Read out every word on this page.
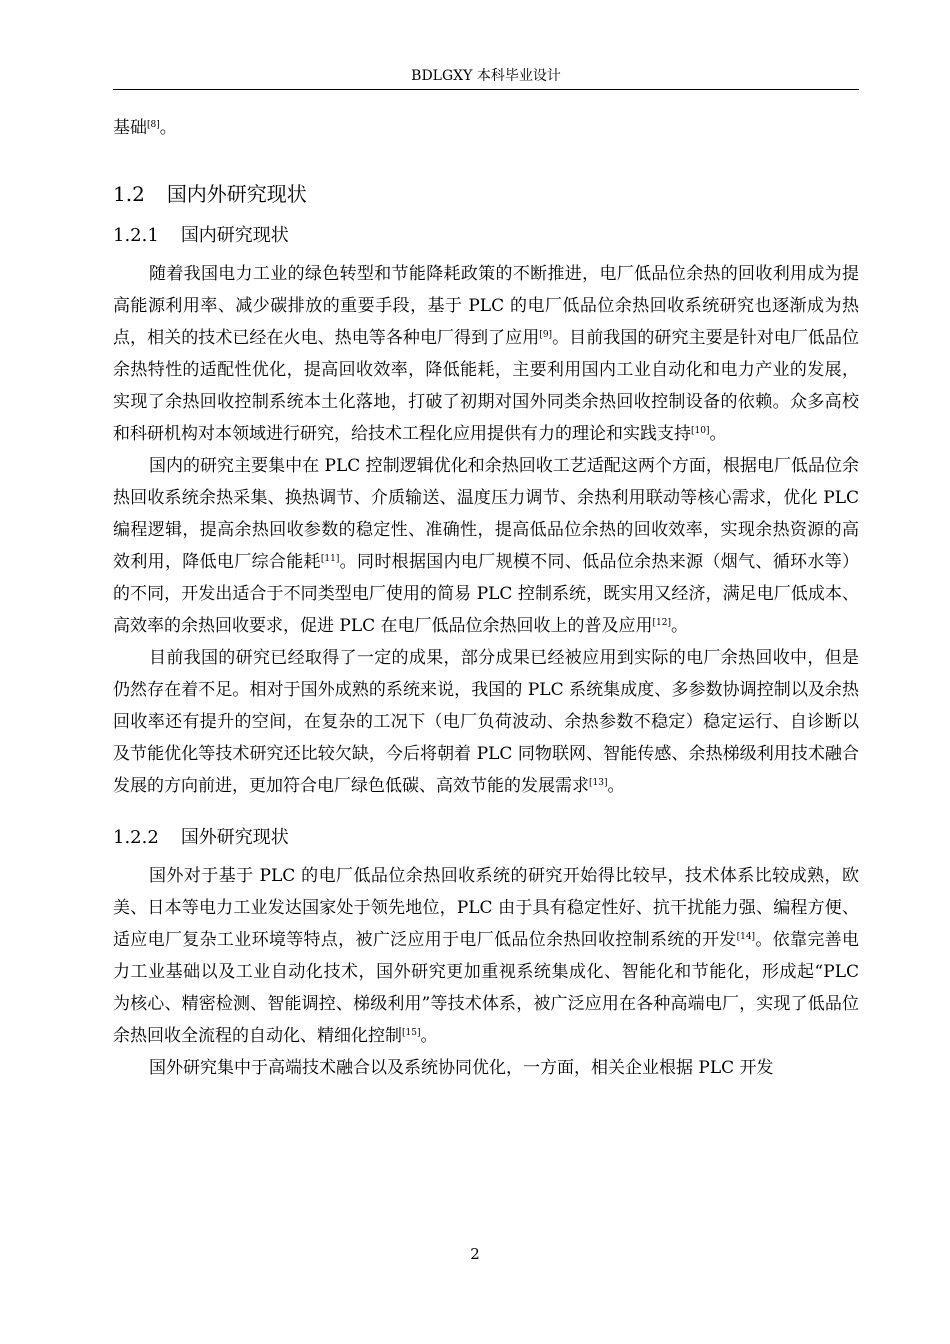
BDLGXY 本科毕业设计

基础[8]。

1.2 国内外研究现状
1.2.1 国内研究现状

随着我国电力工业的绿色转型和节能降耗政策的不断推进，电厂低品位余热的回收利用成为提高能源利用率、减少碳排放的重要手段，基于 PLC 的电厂低品位余热回收系统研究也逐渐成为热点，相关的技术已经在火电、热电等各种电厂得到了应用[9]。目前我国的研究主要是针对电厂低品位余热特性的适配性优化，提高回收效率，降低能耗，主要利用国内工业自动化和电力产业的发展，实现了余热回收控制系统本土化落地，打破了初期对国外同类余热回收控制设备的依赖。众多高校和科研机构对本领域进行研究，给技术工程化应用提供有力的理论和实践支持[10]。

国内的研究主要集中在 PLC 控制逻辑优化和余热回收工艺适配这两个方面，根据电厂低品位余热回收系统余热采集、换热调节、介质输送、温度压力调节、余热利用联动等核心需求，优化 PLC 编程逻辑，提高余热回收参数的稳定性、准确性，提高低品位余热的回收效率，实现余热资源的高效利用，降低电厂综合能耗[11]。同时根据国内电厂规模不同、低品位余热来源（烟气、循环水等）的不同，开发出适合于不同类型电厂使用的简易 PLC 控制系统，既实用又经济，满足电厂低成本、高效率的余热回收要求，促进 PLC 在电厂低品位余热回收上的普及应用[12]。

目前我国的研究已经取得了一定的成果，部分成果已经被应用到实际的电厂余热回收中，但是仍然存在着不足。相对于国外成熟的系统来说，我国的 PLC 系统集成度、多参数协调控制以及余热回收率还有提升的空间，在复杂的工况下（电厂负荷波动、余热参数不稳定）稳定运行、自诊断以及节能优化等技术研究还比较欠缺，今后将朝着 PLC 同物联网、智能传感、余热梯级利用技术融合发展的方向前进，更加符合电厂绿色低碳、高效节能的发展需求[13]。

1.2.2 国外研究现状

国外对于基于 PLC 的电厂低品位余热回收系统的研究开始得比较早，技术体系比较成熟，欧美、日本等电力工业发达国家处于领先地位，PLC 由于具有稳定性好、抗干扰能力强、编程方便、适应电厂复杂工业环境等特点，被广泛应用于电厂低品位余热回收控制系统的开发[14]。依靠完善电力工业基础以及工业自动化技术，国外研究更加重视系统集成化、智能化和节能化，形成起“PLC 为核心、精密检测、智能调控、梯级利用”等技术体系，被广泛应用在各种高端电厂，实现了低品位余热回收全流程的自动化、精细化控制[15]。

国外研究集中于高端技术融合以及系统协同优化，一方面，相关企业根据 PLC 开发

2
